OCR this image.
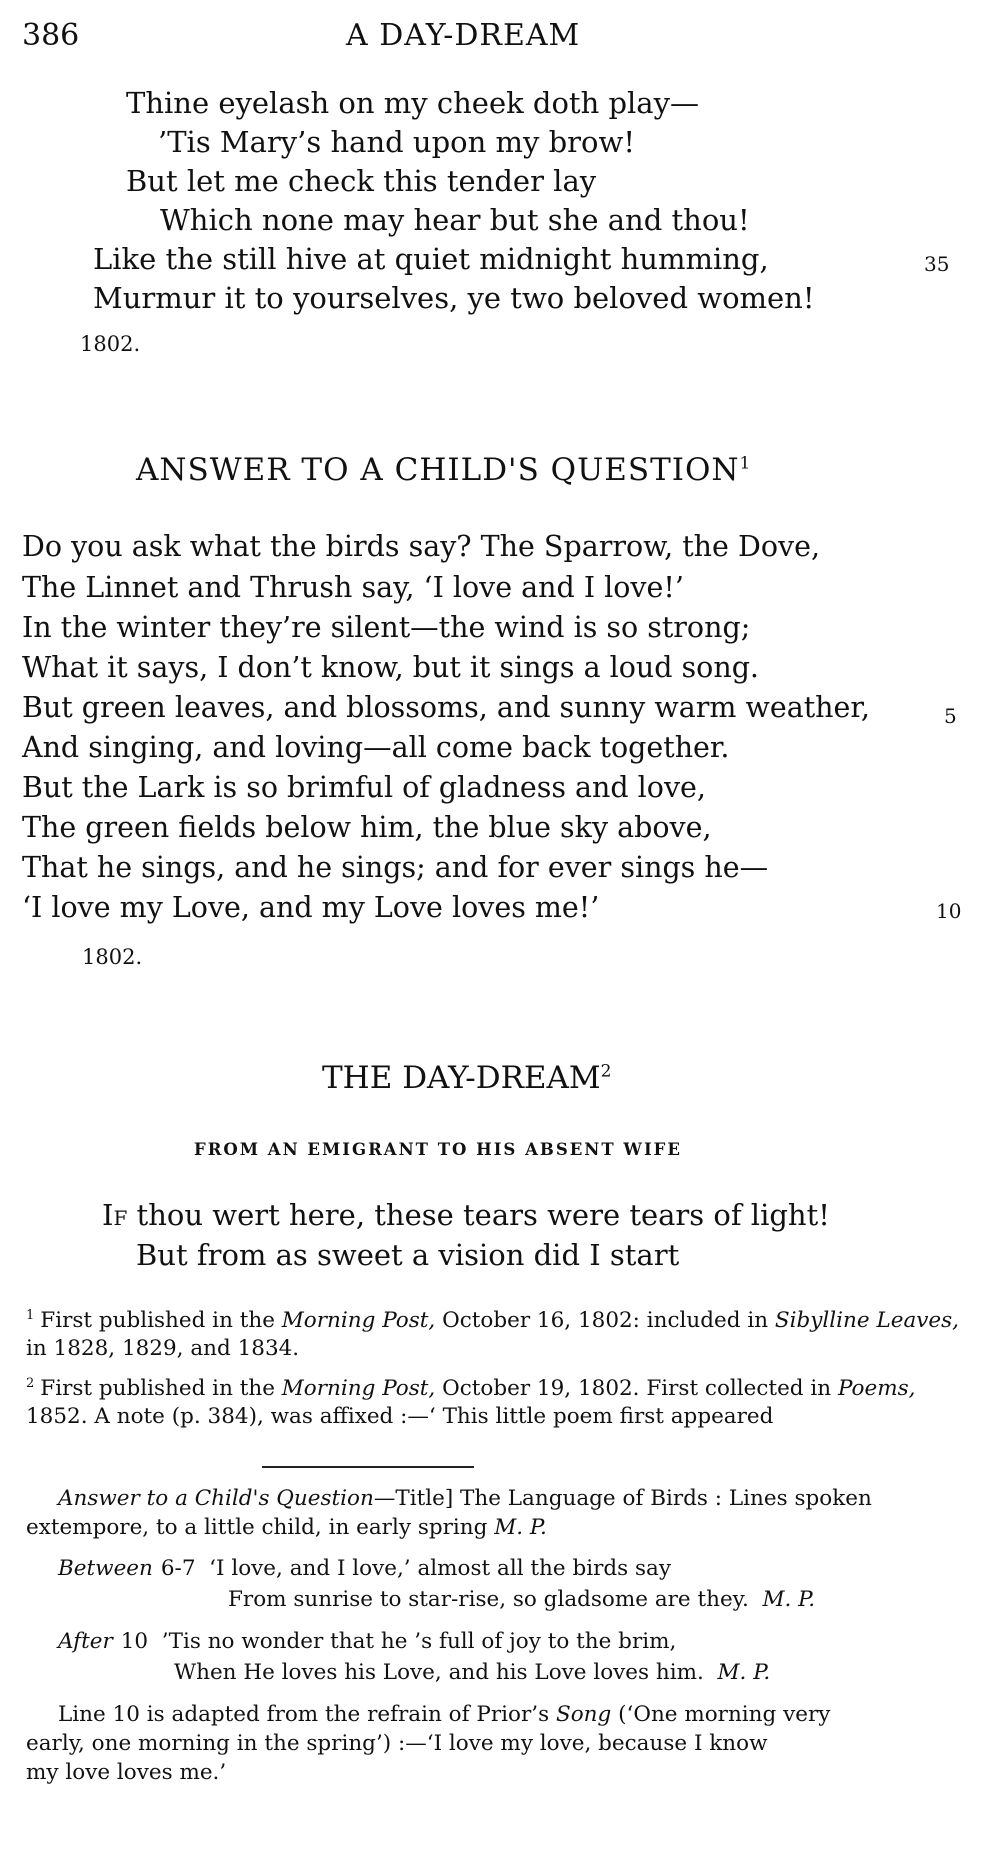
386	A DAY-DREAM
Thine eyelash on my cheek doth play—
’Tis Mary’s hand upon my brow!
But let me check this tender lay
Which none may hear but she and thou!
Like the still hive at quiet midnight humming,
Murmur it to yourselves, ye two beloved women!
35
1802.
ANSWER TO A CHILD'S QUESTION$^1$
Do you ask what the birds say? The Sparrow, the Dove,
The Linnet and Thrush say, ‘I love and I love!’
In the winter they’re silent—the wind is so strong;
What it says, I don’t know, but it sings a loud song.
But green leaves, and blossoms, and sunny warm weather,
And singing, and loving—all come back together.
But the Lark is so brimful of gladness and love,
The green fields below him, the blue sky above,
That he sings, and he sings; and for ever sings he—
‘I love my Love, and my Love loves me!’
5
10
1802.
THE DAY-DREAM$^2$
FROM AN EMIGRANT TO HIS ABSENT WIFE
If thou wert here, these tears were tears of light!
But from as sweet a vision did I start
$^1$ First published in the Morning Post, October 16, 1802: included in Sibylline Leaves, in 1828, 1829, and 1834.
$^2$ First published in the Morning Post, October 19, 1802. First collected in Poems, 1852. A note (p. 384), was affixed :—‘ This little poem first appeared
Answer to a Child's Question—Title] The Language of Birds : Lines spoken
extempore, to a little child, in early spring M. P.
Between 6-7 ‘I love, and I love,’ almost all the birds say
From sunrise to star-rise, so gladsome are they. M. P.
After 10 ’Tis no wonder that he ’s full of joy to the brim,
When He loves his Love, and his Love loves him. M. P.
Line 10 is adapted from the refrain of Prior’s Song (‘One morning very
early, one morning in the spring’) :—‘I love my love, because I know
my love loves me.’
